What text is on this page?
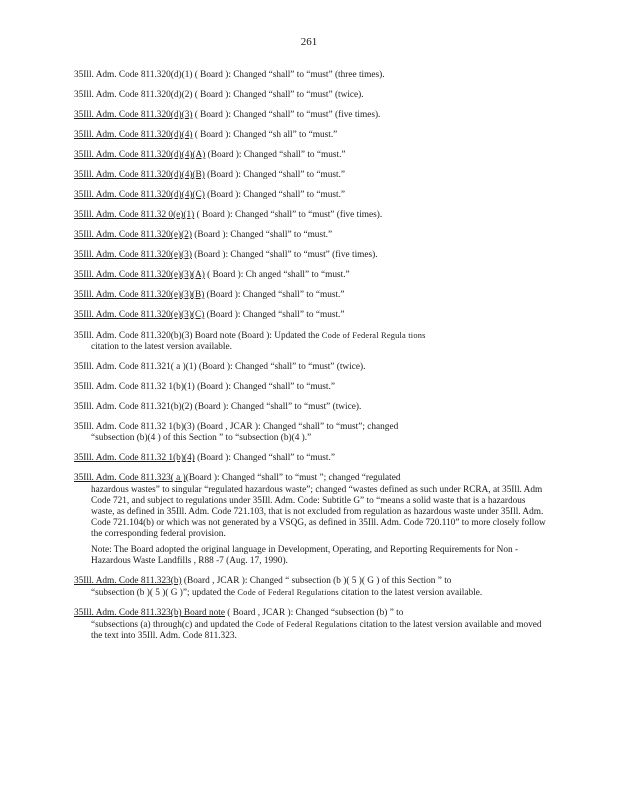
261
35Ill. Adm. Code 811.320(d)(1) ( Board ): Changed “shall” to “must” (three times).
35Ill. Adm. Code 811.320(d)(2) ( Board ): Changed “shall” to “must” (twice).
35Ill. Adm. Code 811.320(d)(3) ( Board ): Changed “shall” to “must” (five times).
35Ill. Adm. Code 811.320(d)(4) ( Board ): Changed “sh all” to “must.”
35Ill. Adm. Code 811.320(d)(4)(A) (Board ): Changed “shall” to “must.”
35Ill. Adm. Code 811.320(d)(4)(B) (Board ): Changed “shall” to “must.”
35Ill. Adm. Code 811.320(d)(4)(C) (Board ): Changed “shall” to “must.”
35Ill. Adm. Code 811.32 0(e)(1) ( Board ): Changed “shall” to “must” (five times).
35Ill. Adm. Code 811.320(e)(2) (Board ): Changed “shall” to “must.”
35Ill. Adm. Code 811.320(e)(3) (Board ): Changed “shall” to “must” (five times).
35Ill. Adm. Code 811.320(e)(3)(A) ( Board ): Ch anged “shall” to “must.”
35Ill. Adm. Code 811.320(e)(3)(B) (Board ): Changed “shall” to “must.”
35Ill. Adm. Code 811.320(e)(3)(C) (Board ): Changed “shall” to “must.”
35Ill. Adm. Code 811.320(b)(3) Board note (Board ): Updated the Code of Federal Regula tions
citation to the latest version available.
35Ill. Adm. Code 811.321( a )(1) (Board ): Changed “shall” to “must” (twice).
35Ill. Adm. Code 811.32 1(b)(1) (Board ): Changed “shall” to “must.”
35Ill. Adm. Code 811.321(b)(2) (Board ): Changed “shall” to “must” (twice).
35Ill. Adm. Code 811.32 1(b)(3) (Board , JCAR ): Changed “shall” to “must”; changed
“subsection (b)(4 ) of this Section ” to “subsection (b)(4 ).”
35Ill. Adm. Code 811.32 1(b)(4) (Board ): Changed “shall” to “must.”
35Ill. Adm. Code 811.323( a )(Board ): Changed “shall” to “must ”; changed “regulated
hazardous wastes” to singular “regulated hazardous waste”; changed “wastes defined as such under RCRA, at 35Ill. Adm Code 721, and subject to regulations under 35Ill. Adm. Code: Subtitle G” to “means a solid waste that is a hazardous waste, as defined in 35Ill. Adm. Code 721.103, that is not excluded from regulation as hazardous waste under 35Ill. Adm. Code 721.104(b) or which was not generated by a VSQG, as defined in 35Ill. Adm. Code 720.110” to more closely follow the corresponding federal provision.
Note: The Board adopted the original language in Development, Operating, and Reporting Requirements for Non -Hazardous Waste Landfills , R88 -7 (Aug. 17, 1990).
35Ill. Adm. Code 811.323(b) (Board , JCAR ): Changed “ subsection (b )( 5 )( G ) of this Section ” to
“subsection (b )( 5 )( G )”; updated the Code of Federal Regulations citation to the latest version available.
35Ill. Adm. Code 811.323(b) Board note ( Board , JCAR ): Changed “subsection (b) ” to
“subsections (a) through(c) and updated the Code of Federal Regulations citation to the latest version available and moved the text into 35Ill. Adm. Code 811.323.
